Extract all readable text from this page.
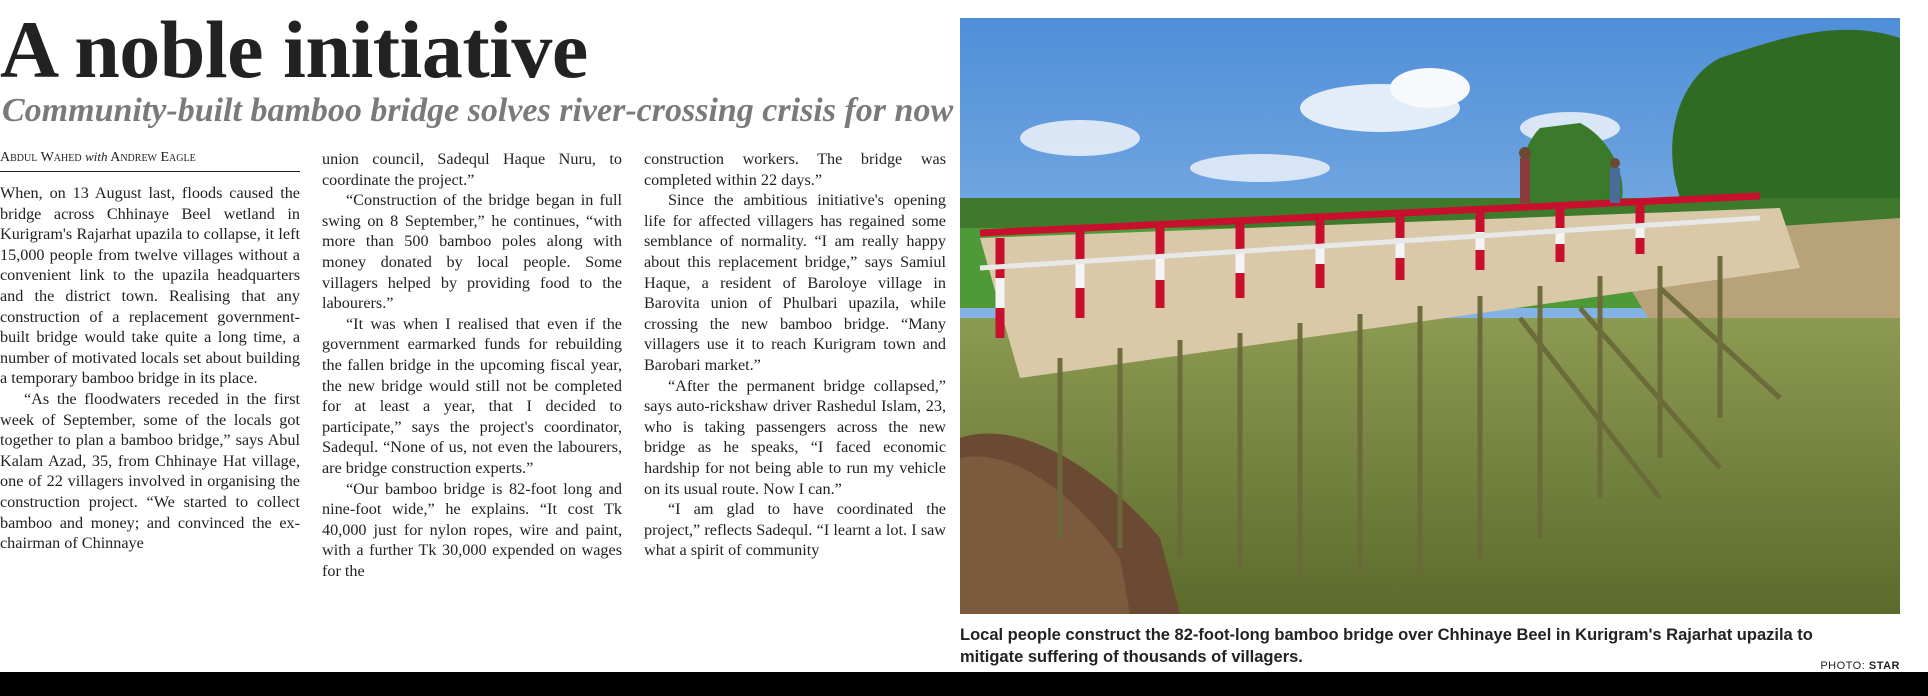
A noble initiative
Community-built bamboo bridge solves river-crossing crisis for now
Abdul Wahed with Andrew Eagle

When, on 13 August last, floods caused the bridge across Chhinaye Beel wetland in Kurigram's Rajarhat upazila to collapse, it left 15,000 people from twelve villages without a convenient link to the upazila headquarters and the district town. Realising that any construction of a replacement government-built bridge would take quite a long time, a number of motivated locals set about building a temporary bamboo bridge in its place.

“As the floodwaters receded in the first week of September, some of the locals got together to plan a bamboo bridge,” says Abul Kalam Azad, 35, from Chhinaye Hat village, one of 22 villagers involved in organising the construction project. “We started to collect bamboo and money; and convinced the ex-chairman of Chinnaye

union council, Sadequl Haque Nuru, to coordinate the project.”

“Construction of the bridge began in full swing on 8 September,” he continues, “with more than 500 bamboo poles along with money donated by local people. Some villagers helped by providing food to the labourers.”

“It was when I realised that even if the government earmarked funds for rebuilding the fallen bridge in the upcoming fiscal year, the new bridge would still not be completed for at least a year, that I decided to participate,” says the project's coordinator, Sadequl. “None of us, not even the labourers, are bridge construction experts.”

“Our bamboo bridge is 82-foot long and nine-foot wide,” he explains. “It cost Tk 40,000 just for nylon ropes, wire and paint, with a further Tk 30,000 expended on wages for the

construction workers. The bridge was completed within 22 days.”

Since the ambitious initiative's opening life for affected villagers has regained some semblance of normality. “I am really happy about this replacement bridge,” says Samiul Haque, a resident of Baroloye village in Barovita union of Phulbari upazila, while crossing the new bamboo bridge. “Many villagers use it to reach Kurigram town and Barobari market.”

“After the permanent bridge collapsed,” says auto-rickshaw driver Rashedul Islam, 23, who is taking passengers across the new bridge as he speaks, “I faced economic hardship for not being able to run my vehicle on its usual route. Now I can.”

“I am glad to have coordinated the project,” reflects Sadequl. “I learnt a lot. I saw what a spirit of community

Local people construct the 82-foot-long bamboo bridge over Chhinaye Beel in Kurigram's Rajarhat upazila to mitigate suffering of thousands of villagers.	PHOTO: STAR
